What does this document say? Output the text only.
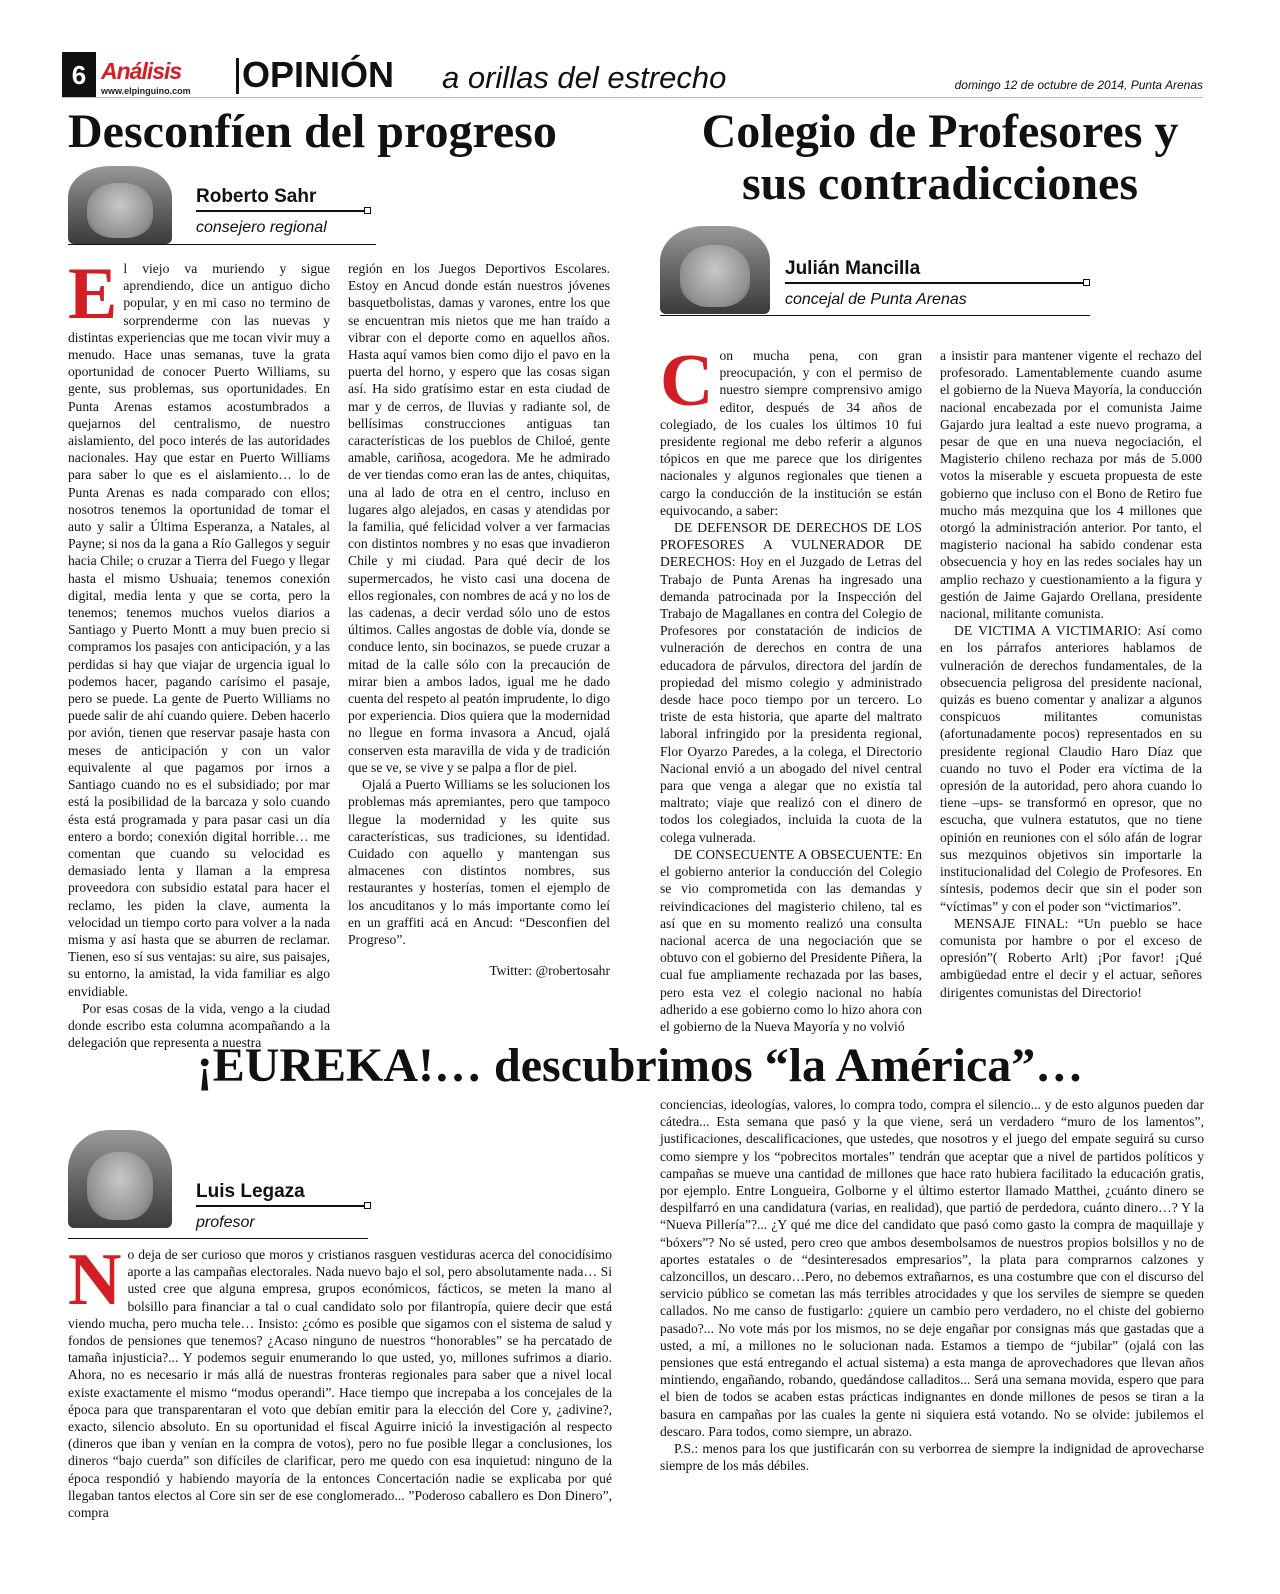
6 Análisis
www.elpinguino.com OPINIÓN a orillas del estrecho	domingo 12 de octubre de 2014, Punta Arenas
Desconfíen del progreso
Roberto Sahr
consejero regional
E l viejo va muriendo y sigue aprendiendo, dice un antiguo dicho popular, y en mi caso no termino de sorprenderme con las nuevas y distintas experiencias que me tocan vivir muy a menudo. Hace unas semanas, tuve la grata oportunidad de conocer Puerto Williams, su gente, sus problemas, sus oportunidades. En Punta Arenas estamos acostumbrados a quejarnos del centralismo, de nuestro aislamiento, del poco interés de las autoridades nacionales. Hay que estar en Puerto Williams para saber lo que es el aislamiento… lo de Punta Arenas es nada comparado con ellos; nosotros tenemos la oportunidad de tomar el auto y salir a Última Esperanza, a Natales, al Payne; si nos da la gana a Río Gallegos y seguir hacia Chile; o cruzar a Tierra del Fuego y llegar hasta el mismo Ushuaia; tenemos conexión digital, media lenta y que se corta, pero la tenemos; tenemos muchos vuelos diarios a Santiago y Puerto Montt a muy buen precio si compramos los pasajes con anticipación, y a las perdidas si hay que viajar de urgencia igual lo podemos hacer, pagando carísimo el pasaje, pero se puede. La gente de Puerto Williams no puede salir de ahí cuando quiere. Deben hacerlo por avión, tienen que reservar pasaje hasta con meses de anticipación y con un valor equivalente al que pagamos por irnos a Santiago cuando no es el subsidiado; por mar está la posibilidad de la barcaza y solo cuando ésta está programada y para pasar casi un día entero a bordo; conexión digital horrible… me comentan que cuando su velocidad es demasiado lenta y llaman a la empresa proveedora con subsidio estatal para hacer el reclamo, les piden la clave, aumenta la velocidad un tiempo corto para volver a la nada misma y así hasta que se aburren de reclamar. Tienen, eso sí sus ventajas: su aire, sus paisajes, su entorno, la amistad, la vida familiar es algo envidiable.

Por esas cosas de la vida, vengo a la ciudad donde escribo esta columna acompañando a la delegación que representa a nuestra

región en los Juegos Deportivos Escolares. Estoy en Ancud donde están nuestros jóvenes basquetbolistas, damas y varones, entre los que se encuentran mis nietos que me han traído a vibrar con el deporte como en aquellos años. Hasta aquí vamos bien como dijo el pavo en la puerta del horno, y espero que las cosas sigan así. Ha sido gratísimo estar en esta ciudad de mar y de cerros, de lluvias y radiante sol, de bellísimas construcciones antiguas tan características de los pueblos de Chiloé, gente amable, cariñosa, acogedora. Me he admirado de ver tiendas como eran las de antes, chiquitas, una al lado de otra en el centro, incluso en lugares algo alejados, en casas y atendidas por la familia, qué felicidad volver a ver farmacias con distintos nombres y no esas que invadieron Chile y mi ciudad. Para qué decir de los supermercados, he visto casi una docena de ellos regionales, con nombres de acá y no los de las cadenas, a decir verdad sólo uno de estos últimos. Calles angostas de doble vía, donde se conduce lento, sin bocinazos, se puede cruzar a mitad de la calle sólo con la precaución de mirar bien a ambos lados, igual me he dado cuenta del respeto al peatón imprudente, lo digo por experiencia. Dios quiera que la modernidad no llegue en forma invasora a Ancud, ojalá conserven esta maravilla de vida y de tradición que se ve, se vive y se palpa a flor de piel.

Ojalá a Puerto Williams se les solucionen los problemas más apremiantes, pero que tampoco llegue la modernidad y les quite sus características, sus tradiciones, su identidad. Cuidado con aquello y mantengan sus almacenes con distintos nombres, sus restaurantes y hosterías, tomen el ejemplo de los ancuditanos y lo más importante como leí en un graffiti acá en Ancud: “Desconfien del Progreso”.

Twitter: @robertosahr

Colegio de Profesores y sus contradicciones
Julián Mancilla
concejal de Punta Arenas
C on mucha pena, con gran preocupación, y con el permiso de nuestro siempre comprensivo amigo editor, después de 34 años de colegiado, de los cuales los últimos 10 fui presidente regional me debo referir a algunos tópicos en que me parece que los dirigentes nacionales y algunos regionales que tienen a cargo la conducción de la institución se están equivocando, a saber:

DE DEFENSOR DE DERECHOS DE LOS PROFESORES A VULNERADOR DE DERECHOS: Hoy en el Juzgado de Letras del Trabajo de Punta Arenas ha ingresado una demanda patrocinada por la Inspección del Trabajo de Magallanes en contra del Colegio de Profesores por constatación de indicios de vulneración de derechos en contra de una educadora de párvulos, directora del jardín de propiedad del mismo colegio y administrado desde hace poco tiempo por un tercero. Lo triste de esta historia, que aparte del maltrato laboral infringido por la presidenta regional, Flor Oyarzo Paredes, a la colega, el Directorio Nacional envió a un abogado del nivel central para que venga a alegar que no existía tal maltrato; viaje que realizó con el dinero de todos los colegiados, incluida la cuota de la colega vulnerada.

DE CONSECUENTE A OBSECUENTE: En el gobierno anterior la conducción del Colegio se vio comprometida con las demandas y reivindicaciones del magisterio chileno, tal es así que en su momento realizó una consulta nacional acerca de una negociación que se obtuvo con el gobierno del Presidente Piñera, la cual fue ampliamente rechazada por las bases, pero esta vez el colegio nacional no había adherido a ese gobierno como lo hizo ahora con el gobierno de la Nueva Mayoría y no volvió

a insistir para mantener vigente el rechazo del profesorado. Lamentablemente cuando asume el gobierno de la Nueva Mayoría, la conducción nacional encabezada por el comunista Jaime Gajardo jura lealtad a este nuevo programa, a pesar de que en una nueva negociación, el Magisterio chileno rechaza por más de 5.000 votos la miserable y escueta propuesta de este gobierno que incluso con el Bono de Retiro fue mucho más mezquina que los 4 millones que otorgó la administración anterior. Por tanto, el magisterio nacional ha sabido condenar esta obsecuencia y hoy en las redes sociales hay un amplio rechazo y cuestionamiento a la figura y gestión de Jaime Gajardo Orellana, presidente nacional, militante comunista.

DE VICTIMA A VICTIMARIO: Así como en los párrafos anteriores hablamos de vulneración de derechos fundamentales, de la obsecuencia peligrosa del presidente nacional, quizás es bueno comentar y analizar a algunos conspicuos militantes comunistas (afortunadamente pocos) representados en su presidente regional Claudio Haro Díaz que cuando no tuvo el Poder era víctima de la opresión de la autoridad, pero ahora cuando lo tiene –ups- se transformó en opresor, que no escucha, que vulnera estatutos, que no tiene opinión en reuniones con el sólo afán de lograr sus mezquinos objetivos sin importarle la institucionalidad del Colegio de Profesores. En síntesis, podemos decir que sin el poder son “víctimas” y con el poder son “victimarios”.

MENSAJE FINAL: “Un pueblo se hace comunista por hambre o por el exceso de opresión”( Roberto Arlt) ¡Por favor! ¡Qué ambigüedad entre el decir y el actuar, señores dirigentes comunistas del Directorio!

¡EUREKA!… descubrimos “la América”…
Luis Legaza
profesor
N o deja de ser curioso que moros y cristianos rasguen vestiduras acerca del conocidísimo aporte a las campañas electorales. Nada nuevo bajo el sol, pero absolutamente nada… Si usted cree que alguna empresa, grupos económicos, fácticos, se meten la mano al bolsillo para financiar a tal o cual candidato solo por filantropía, quiere decir que está viendo mucha, pero mucha tele… Insisto: ¿cómo es posible que sigamos con el sistema de salud y fondos de pensiones que tenemos? ¿Acaso ninguno de nuestros “honorables” se ha percatado de tamaña injusticia?... Y podemos seguir enumerando lo que usted, yo, millones sufrimos a diario. Ahora, no es necesario ir más allá de nuestras fronteras regionales para saber que a nivel local existe exactamente el mismo “modus operandi”. Hace tiempo que increpaba a los concejales de la época para que transparentaran el voto que debían emitir para la elección del Core y, ¿adivine?, exacto, silencio absoluto. En su oportunidad el fiscal Aguirre inició la investigación al respecto (dineros que iban y venían en la compra de votos), pero no fue posible llegar a conclusiones, los dineros “bajo cuerda” son difíciles de clarificar, pero me quedo con esa inquietud: ninguno de la época respondió y habiendo mayoría de la entonces Concertación nadie se explicaba por qué llegaban tantos electos al Core sin ser de ese conglomerado... ”Poderoso caballero es Don Dinero”, compra

conciencias, ideologías, valores, lo compra todo, compra el silencio... y de esto algunos pueden dar cátedra... Esta semana que pasó y la que viene, será un verdadero “muro de los lamentos”, justificaciones, descalificaciones, que ustedes, que nosotros y el juego del empate seguirá su curso como siempre y los “pobrecitos mortales” tendrán que aceptar que a nivel de partidos políticos y campañas se mueve una cantidad de millones que hace rato hubiera facilitado la educación gratis, por ejemplo. Entre Longueira, Golborne y el último estertor llamado Matthei, ¿cuánto dinero se despilfarró en una candidatura (varias, en realidad), que partió de perdedora, cuánto dinero…? Y la “Nueva Pillería”?... ¿Y qué me dice del candidato que pasó como gasto la compra de maquillaje y “bóxers”? No sé usted, pero creo que ambos desembolsamos de nuestros propios bolsillos y no de aportes estatales o de “desinteresados empresarios”, la plata para comprarnos calzones y calzoncillos, un descaro…Pero, no debemos extrañarnos, es una costumbre que con el discurso del servicio público se cometan las más terribles atrocidades y que los serviles de siempre se queden callados. No me canso de fustigarlo: ¿quiere un cambio pero verdadero, no el chiste del gobierno pasado?... No vote más por los mismos, no se deje engañar por consignas más que gastadas que a usted, a mí, a millones no le solucionan nada. Estamos a tiempo de “jubilar” (ojalá con las pensiones que está entregando el actual sistema) a esta manga de aprovechadores que llevan años mintiendo, engañando, robando, quedándose calladitos... Será una semana movida, espero que para el bien de todos se acaben estas prácticas indignantes en donde millones de pesos se tiran a la basura en campañas por las cuales la gente ni siquiera está votando. No se olvide: jubilemos el descaro. Para todos, como siempre, un abrazo.

P.S.: menos para los que justificarán con su verborrea de siempre la indignidad de aprovecharse siempre de los más débiles.
